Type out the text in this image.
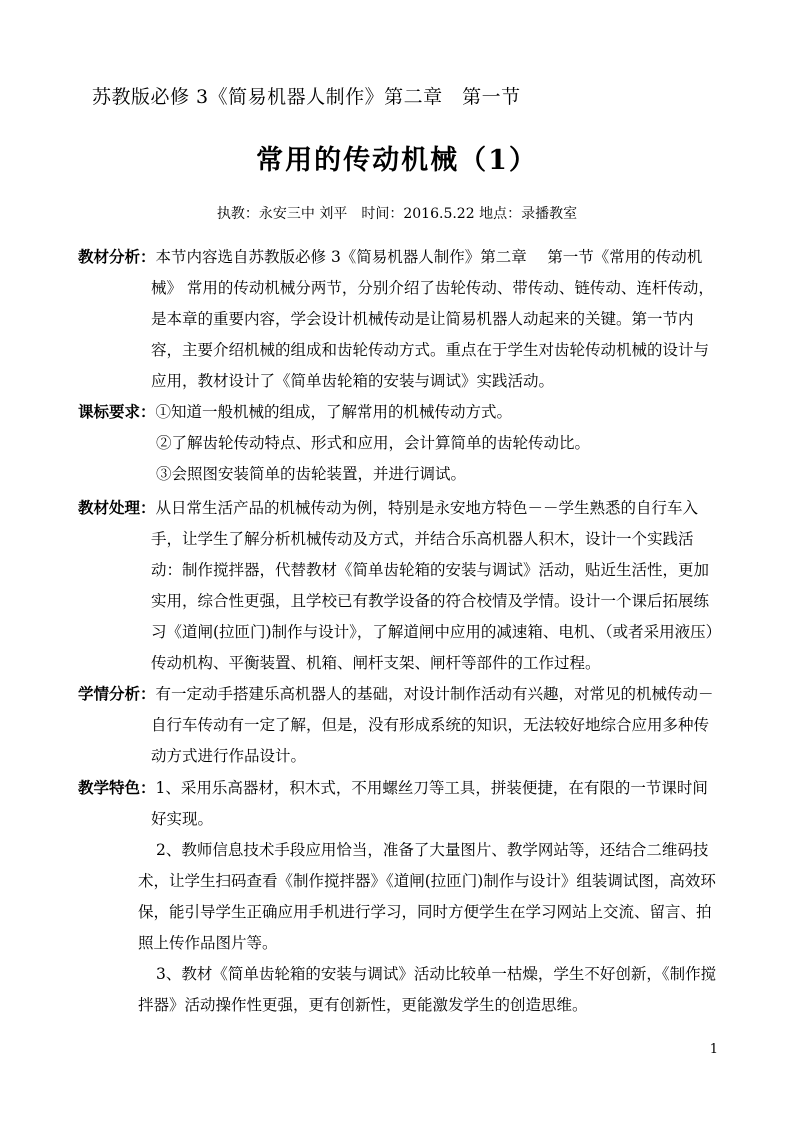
苏教版必修 3《简易机器人制作》第二章　第一节
常用的传动机械（1）
执教：永安三中 刘平　时间：2016.5.22 地点：录播教室

教材分析：本节内容选自苏教版必修 3《简易机器人制作》第二章　 第一节《常用的传动机械》 常用的传动机械分两节，分别介绍了齿轮传动、带传动、链传动、连杆传动，是本章的重要内容，学会设计机械传动是让简易机器人动起来的关键。第一节内容，主要介绍机械的组成和齿轮传动方式。重点在于学生对齿轮传动机械的设计与应用，教材设计了《简单齿轮箱的安装与调试》实践活动。

课标要求：①知道一般机械的组成，了解常用的机械传动方式。

②了解齿轮传动特点、形式和应用，会计算简单的齿轮传动比。

③会照图安装简单的齿轮装置，并进行调试。

教材处理：从日常生活产品的机械传动为例，特别是永安地方特色－－学生熟悉的自行车入手，让学生了解分析机械传动及方式，并结合乐高机器人积木，设计一个实践活动：制作搅拌器，代替教材《简单齿轮箱的安装与调试》活动，贴近生活性，更加实用，综合性更强，且学校已有教学设备的符合校情及学情。设计一个课后拓展练习《道闸(拉匝门)制作与设计》，了解道闸中应用的减速箱、电机、（或者采用液压）传动机构、平衡装置、机箱、闸杆支架、闸杆等部件的工作过程。

学情分析：有一定动手搭建乐高机器人的基础，对设计制作活动有兴趣，对常见的机械传动－自行车传动有一定了解，但是，没有形成系统的知识，无法较好地综合应用多种传动方式进行作品设计。

教学特色：1、采用乐高器材，积木式，不用螺丝刀等工具，拼装便捷，在有限的一节课时间好实现。

2、教师信息技术手段应用恰当，准备了大量图片、教学网站等，还结合二维码技术，让学生扫码查看《制作搅拌器》《道闸(拉匝门)制作与设计》组装调试图，高效环保，能引导学生正确应用手机进行学习，同时方便学生在学习网站上交流、留言、拍照上传作品图片等。

3、教材《简单齿轮箱的安装与调试》活动比较单一枯燥，学生不好创新，《制作搅拌器》活动操作性更强，更有创新性，更能激发学生的创造思维。

1
